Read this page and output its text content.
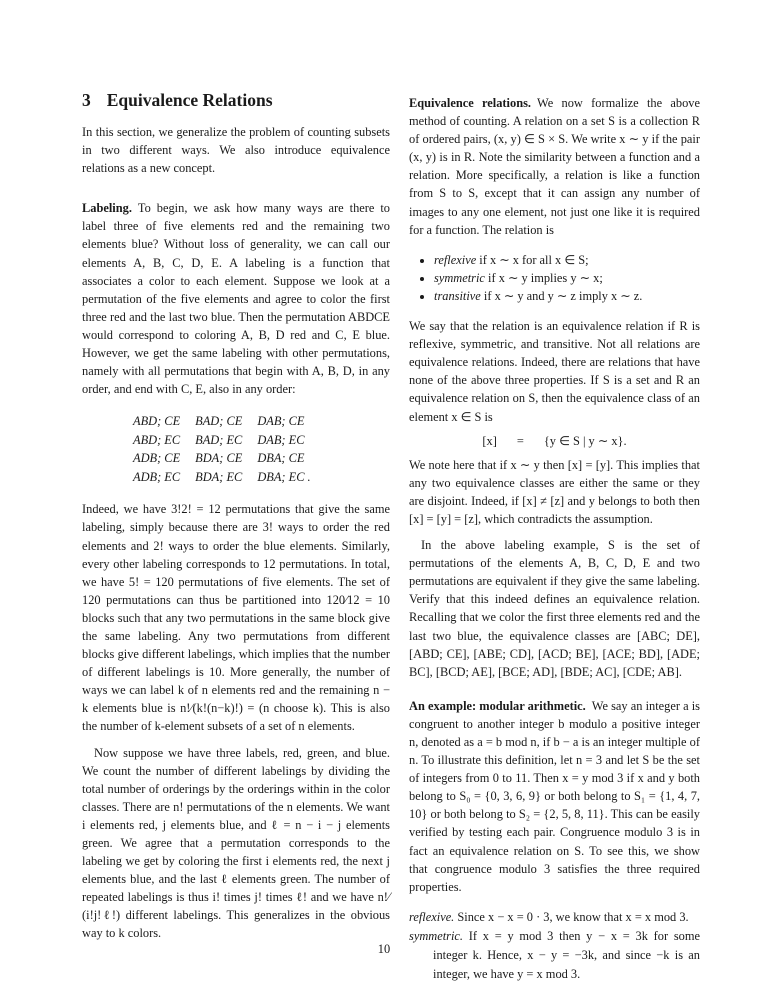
3 Equivalence Relations

In this section, we generalize the problem of counting subsets in two different ways. We also introduce equivalence relations as a new concept.

Labeling. To begin, we ask how many ways are there to label three of five elements red and the remaining two elements blue? Without loss of generality, we can call our elements A, B, C, D, E. A labeling is a function that associates a color to each element. Suppose we look at a permutation of the five elements and agree to color the first three red and the last two blue. Then the permutation ABDCE would correspond to coloring A, B, D red and C, E blue. However, we get the same labeling with other permutations, namely with all permutations that begin with A, B, D, in any order, and end with C, E, also in any order:

ABD; CE	BAD; CE	DAB; CE
ABD; EC	BAD; EC	DAB; EC
ADB; CE	BDA; CE	DBA; CE
ADB; EC	BDA; EC	DBA; EC .

Indeed, we have 3!2! = 12 permutations that give the same labeling, simply because there are 3! ways to order the red elements and 2! ways to order the blue elements. Similarly, every other labeling corresponds to 12 permutations. In total, we have 5! = 120 permutations of five elements. The set of 120 permutations can thus be partitioned into 120⁄12 = 10 blocks such that any two permutations in the same block give the same labeling. Any two permutations from different blocks give different labelings, which implies that the number of different labelings is 10. More generally, the number of ways we can label k of n elements red and the remaining n − k elements blue is n!⁄(k!(n−k)!) = (n choose k). This is also the number of k-element subsets of a set of n elements.

Now suppose we have three labels, red, green, and blue. We count the number of different labelings by dividing the total number of orderings by the orderings within in the color classes. There are n! permutations of the n elements. We want i elements red, j elements blue, and ℓ = n − i − j elements green. We agree that a permutation corresponds to the labeling we get by coloring the first i elements red, the next j elements blue, and the last ℓ elements green. The number of repeated labelings is thus i! times j! times ℓ! and we have n!⁄(i!j!ℓ!) different labelings. This generalizes in the obvious way to k colors.

Equivalence relations. We now formalize the above method of counting. A relation on a set S is a collection R of ordered pairs, (x, y) ∈ S × S. We write x ∼ y if the pair (x, y) is in R. Note the similarity between a function and a relation. More specifically, a relation is like a function from S to S, except that it can assign any number of images to any one element, not just one like it is required for a function. The relation is

• reflexive if x ∼ x for all x ∈ S;
• symmetric if x ∼ y implies y ∼ x;
• transitive if x ∼ y and y ∼ z imply x ∼ z.

We say that the relation is an equivalence relation if R is reflexive, symmetric, and transitive. Not all relations are equivalence relations. Indeed, there are relations that have none of the above three properties. If S is a set and R an equivalence relation on S, then the equivalence class of an element x ∈ S is

[x] = {y ∈ S | y ∼ x}.

We note here that if x ∼ y then [x] = [y]. This implies that any two equivalence classes are either the same or they are disjoint. Indeed, if [x] ≠ [z] and y belongs to both then [x] = [y] = [z], which contradicts the assumption.

In the above labeling example, S is the set of permutations of the elements A, B, C, D, E and two permutations are equivalent if they give the same labeling. Verify that this indeed defines an equivalence relation. Recalling that we color the first three elements red and the last two blue, the equivalence classes are [ABC; DE], [ABD; CE], [ABE; CD], [ACD; BE], [ACE; BD], [ADE; BC], [BCD; AE], [BCE; AD], [BDE; AC], [CDE; AB].

An example: modular arithmetic. We say an integer a is congruent to another integer b modulo a positive integer n, denoted as a = b mod n, if b − a is an integer multiple of n. To illustrate this definition, let n = 3 and let S be the set of integers from 0 to 11. Then x = y mod 3 if x and y both belong to S₀ = {0, 3, 6, 9} or both belong to S₁ = {1, 4, 7, 10} or both belong to S₂ = {2, 5, 8, 11}. This can be easily verified by testing each pair. Congruence modulo 3 is in fact an equivalence relation on S. To see this, we show that congruence modulo 3 satisfies the three required properties.

reflexive. Since x − x = 0 · 3, we know that x = x mod 3.

symmetric. If x = y mod 3 then y − x = 3k for some integer k. Hence, x − y = −3k, and since −k is an integer, we have y = x mod 3.

10
